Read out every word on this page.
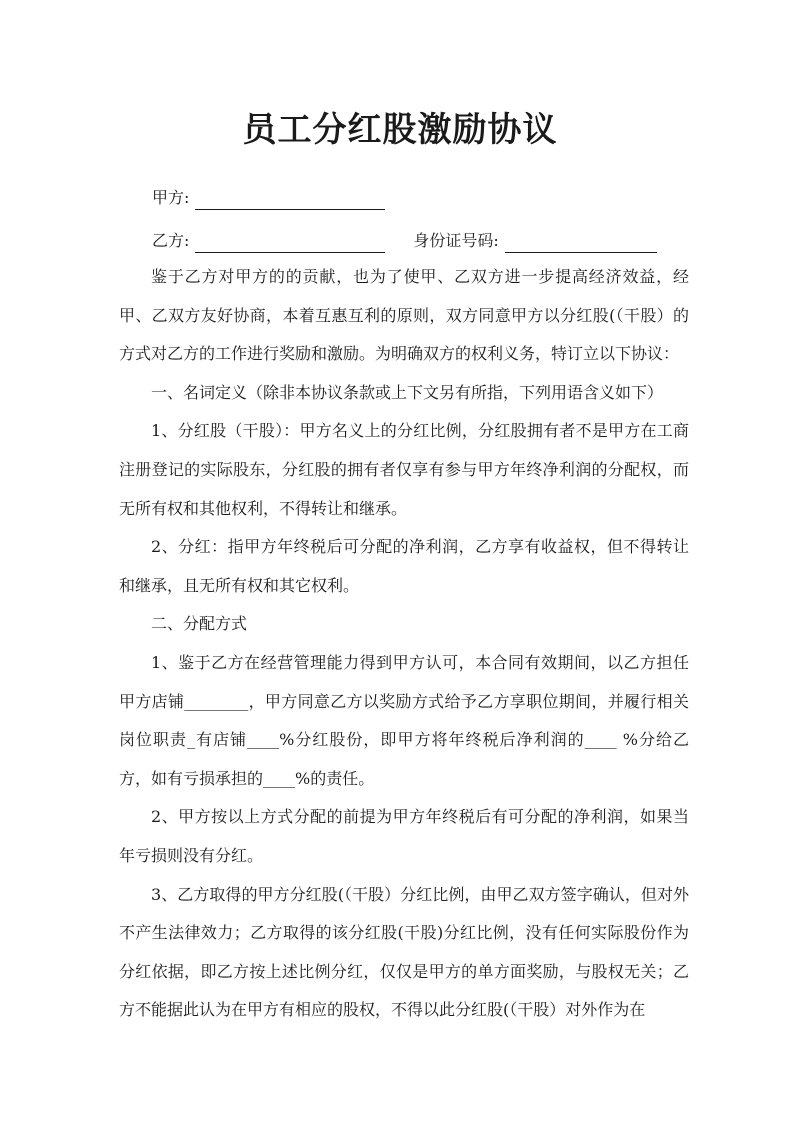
员工分红股激励协议
甲方:
乙方:	身份证号码:

鉴于乙方对甲方的的贡献，也为了使甲、乙双方进一步提高经济效益，经甲、乙双方友好协商，本着互惠互利的原则，双方同意甲方以分红股(（干股）的方式对乙方的工作进行奖励和激励。为明确双方的权利义务，特订立以下协议：

一、名词定义（除非本协议条款或上下文另有所指，下列用语含义如下）

1、分红股（干股）：甲方名义上的分红比例，分红股拥有者不是甲方在工商注册登记的实际股东，分红股的拥有者仅享有参与甲方年终净利润的分配权，而无所有权和其他权利，不得转让和继承。

2、分红：指甲方年终税后可分配的净利润，乙方享有收益权，但不得转让和继承，且无所有权和其它权利。

二、分配方式

1、鉴于乙方在经营管理能力得到甲方认可，本合同有效期间，以乙方担任甲方店铺________，甲方同意乙方以奖励方式给予乙方享职位期间，并履行相关岗位职责_有店铺____%分红股份，即甲方将年终税后净利润的____ %分给乙方，如有亏损承担的____%的责任。

2、甲方按以上方式分配的前提为甲方年终税后有可分配的净利润，如果当年亏损则没有分红。

3、乙方取得的甲方分红股(（干股）分红比例，由甲乙双方签字确认，但对外不产生法律效力；乙方取得的该分红股(干股)分红比例，没有任何实际股份作为分红依据，即乙方按上述比例分红，仅仅是甲方的单方面奖励，与股权无关；乙方不能据此认为在甲方有相应的股权，不得以此分红股(（干股）对外作为在
